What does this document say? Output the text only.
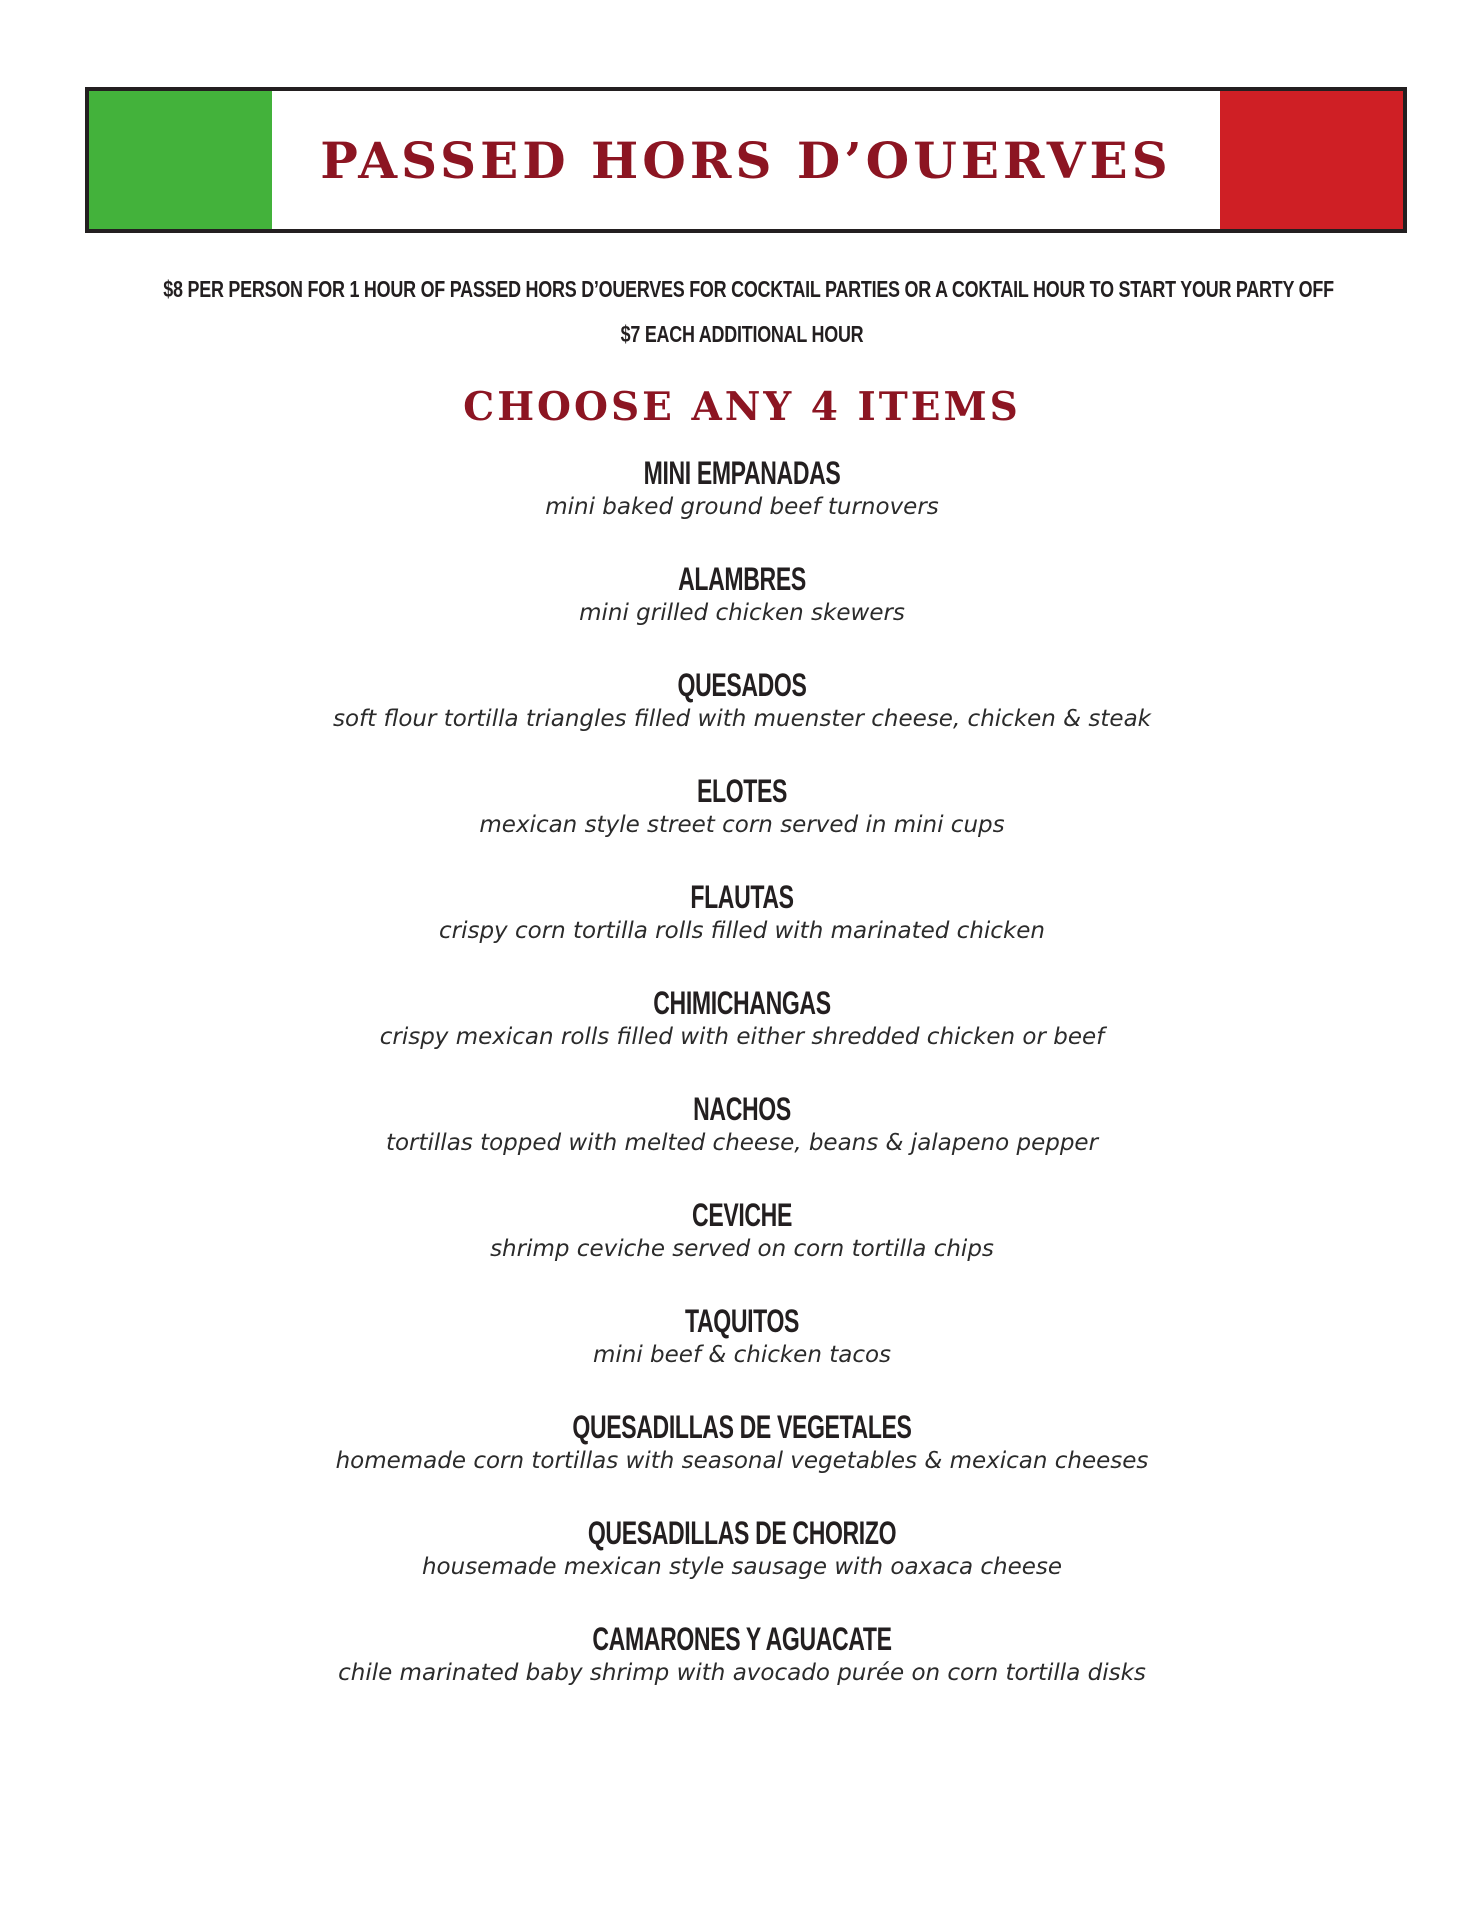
PASSED HORS D’OUERVES
$8 PER PERSON FOR 1 HOUR OF PASSED HORS D’OUERVES FOR COCKTAIL PARTIES OR A COKTAIL HOUR TO START YOUR PARTY OFF
$7 EACH ADDITIONAL HOUR
CHOOSE ANY 4 ITEMS
MINI EMPANADAS
mini baked ground beef turnovers
ALAMBRES
mini grilled chicken skewers
QUESADOS
soft flour tortilla triangles filled with muenster cheese, chicken & steak
ELOTES
mexican style street corn served in mini cups
FLAUTAS
crispy corn tortilla rolls filled with marinated chicken
CHIMICHANGAS
crispy mexican rolls filled with either shredded chicken or beef
NACHOS
tortillas topped with melted cheese, beans & jalapeno pepper
CEVICHE
shrimp ceviche served on corn tortilla chips
TAQUITOS
mini beef & chicken tacos
QUESADILLAS DE VEGETALES
homemade corn tortillas with seasonal vegetables & mexican cheeses
QUESADILLAS DE CHORIZO
housemade mexican style sausage with oaxaca cheese
CAMARONES Y AGUACATE
chile marinated baby shrimp with avocado purée on corn tortilla disks
